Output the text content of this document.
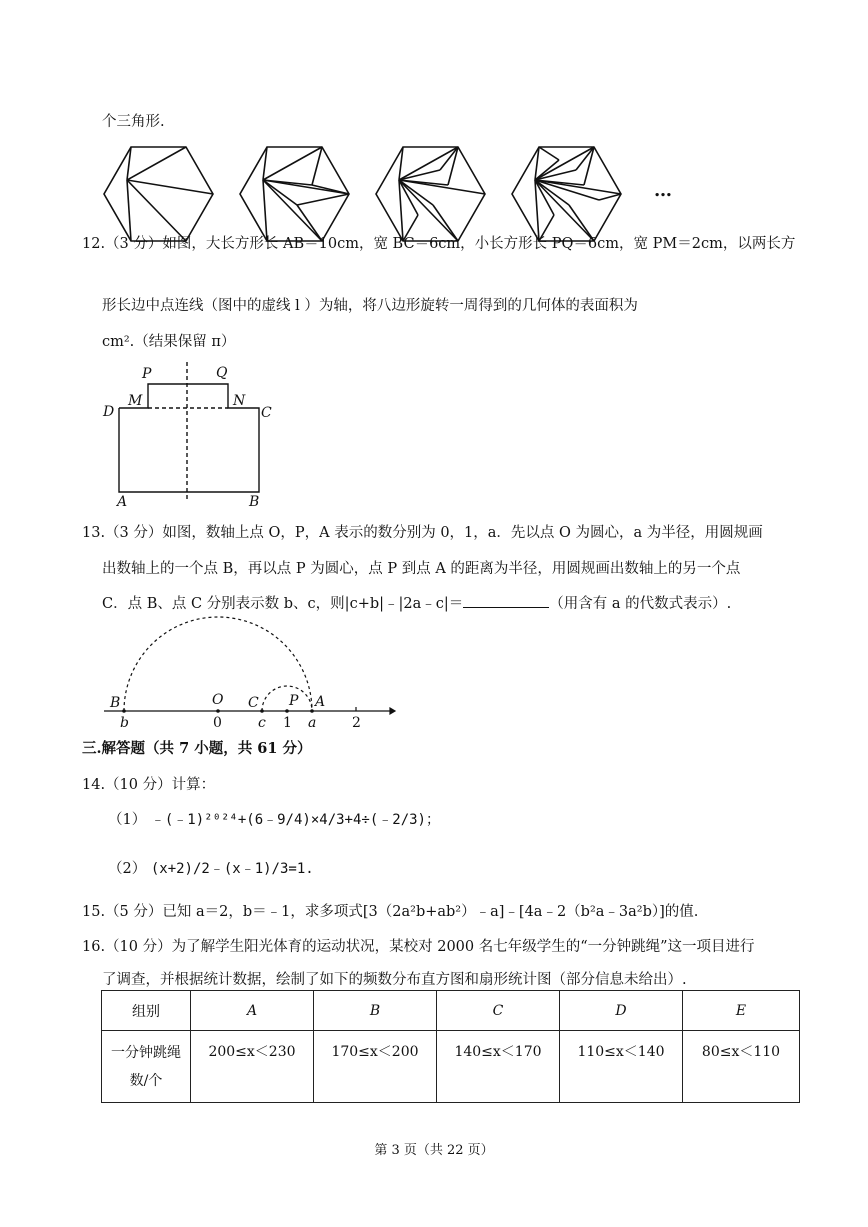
个三角形.
…
12.（3 分）如图，大长方形长 AB＝10cm，宽 BC＝6cm，小长方形长 PQ＝6cm，宽 PM＝2cm，以两长方
形长边中点连线（图中的虚线 l ）为轴，将八边形旋转一周得到的几何体的表面积为
cm².（结果保留 π）
P	Q
M	N
D	C
A	B
13.（3 分）如图，数轴上点 O，P，A 表示的数分别为 0，1，a．先以点 O 为圆心，a 为半径，用圆规画
出数轴上的一个点 B，再以点 P 为圆心，点 P 到点 A 的距离为半径，用圆规画出数轴上的另一个点
C．点 B、点 C 分别表示数 b、c，则|c+b|﹣|2a﹣c|＝	（用含有 a 的代数式表示）.
B	O C P A
b	0	c 1 a	2
三.解答题（共 7 小题，共 61 分）
14.（10 分）计算：
（1） ﹣(﹣1)²⁰²⁴+(6﹣9/4)×4/3+4÷(﹣2/3)；
（2） (x+2)/2﹣(x﹣1)/3=1.
15.（5 分）已知 a＝2，b＝﹣1，求多项式[3（2a²b+ab²）﹣a]﹣[4a﹣2（b²a﹣3a²b）]的值.
16.（10 分）为了解学生阳光体育的运动状况，某校对 2000 名七年级学生的“一分钟跳绳”这一项目进行
了调查，并根据统计数据，绘制了如下的频数分布直方图和扇形统计图（部分信息未给出）.
组别	A	B	C	D	E

一分钟跳绳
数/个	200≤x＜230	170≤x＜200	140≤x＜170	110≤x＜140	80≤x＜110
第 3 页（共 22 页）
